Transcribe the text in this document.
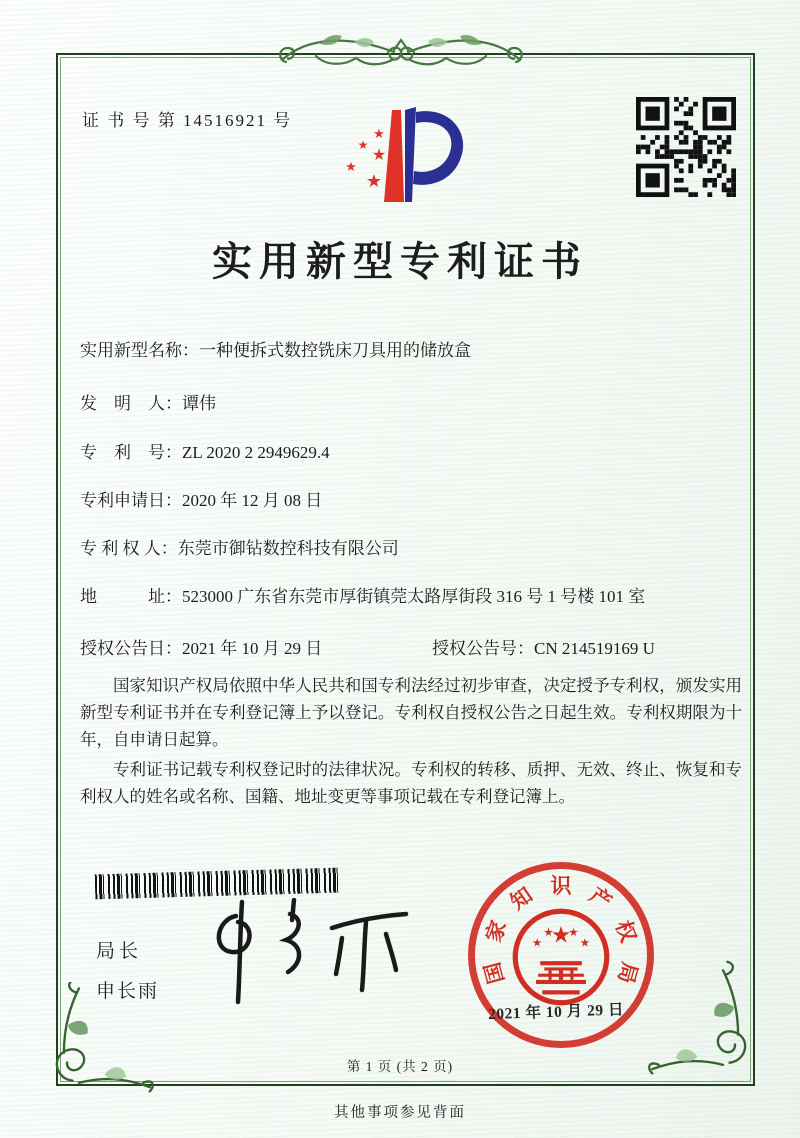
证 书 号 第 14516921 号
★
★ ★
★
★
实用新型专利证书
实用新型名称： 一种便拆式数控铣床刀具用的储放盒
发　明　人： 谭伟
专　利　号： ZL 2020 2 2949629.4
专利申请日： 2020 年 12 月 08 日
专 利 权 人： 东莞市御钻数控科技有限公司
地　　　址： 523000 广东省东莞市厚街镇莞太路厚街段 316 号 1 号楼 101 室
授权公告日： 2021 年 10 月 29 日	授权公告号： CN 214519169 U

国家知识产权局依照中华人民共和国专利法经过初步审查，决定授予专利权，颁发实用新型专利证书并在专利登记簿上予以登记。专利权自授权公告之日起生效。专利权期限为十年，自申请日起算。

专利证书记载专利权登记时的法律状况。专利权的转移、质押、无效、终止、恢复和专利权人的姓名或名称、国籍、地址变更等事项记载在专利登记簿上。

局长
申长雨
国
家
知 识 产
权
局
★
★
★ ★
★
2021 年 10 月 29 日
第 1 页 (共 2 页)
其他事项参见背面
